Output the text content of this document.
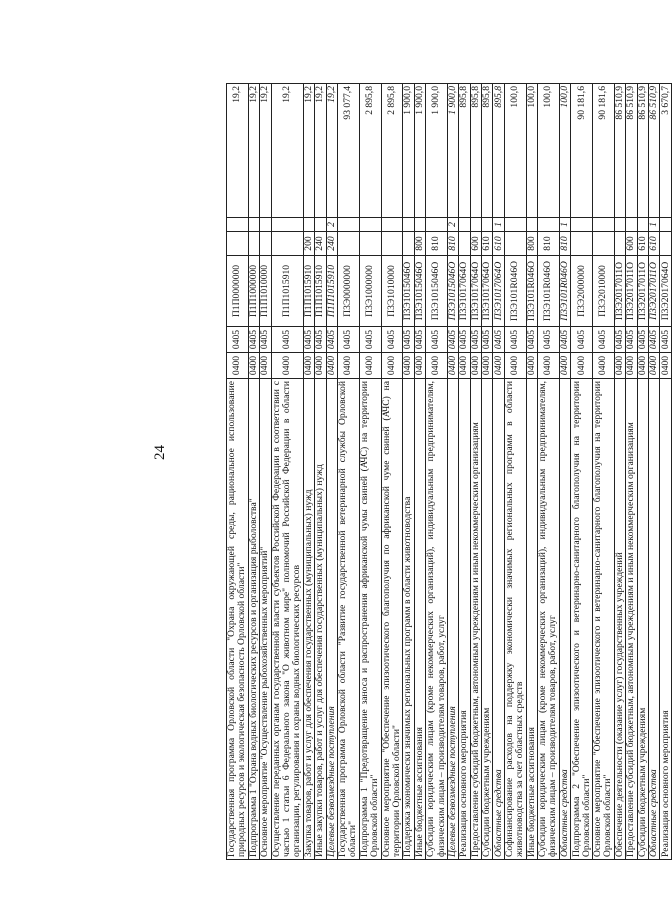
24	Государственная программа Орловской области "Охрана окружающей среды, рациональное использование природных ресурсов и экологическая безопасность Орловской области"	0400	0405	П1П0000000			19,2
Подпрограмма 1 "Охрана водных биологических ресурсов и организация рыболовства"	0400	0405	П1П1000000			19,2
Основное мероприятие "Осуществление рыбохозяйственных мероприятий"	0400	0405	П1П1010000			19,2
Осуществление переданных органам государственной власти субъектов Российской Федерации в соответствии с частью 1 статьи 6 Федерального закона "О животном мире" полномочий Российской Федерации в области организации, регулирования и охраны водных биологических ресурсов	0400	0405	П1П1015910			19,2
Закупка товаров, работ и услуг для обеспечения государственных (муниципальных) нужд	0400	0405	П1П1015910	200		19,2
Иные закупки товаров, работ и услуг для обеспечения государственных (муниципальных) нужд	0400	0405	П1П1015910	240		19,2
Целевые безвозмездные поступления	0400	0405	П1П1015910	240	2	19,2
Государственная программа Орловской области "Развитие государственной ветеринарной службы Орловской области"	0400	0405	П3Э0000000			93 077,4
Подпрограмма 1 "Предотвращение заноса и распространения африканской чумы свиней (АЧС) на территории Орловской области"	0400	0405	П3Э1000000			2 895,8
Основное мероприятие "Обеспечение эпизоотического благополучия по африканской чуме свиней (АЧС) на территории Орловской области"	0400	0405	П3Э1010000			2 895,8
Поддержка экономически значимых региональных программ в области животноводства	0400	0405	П3Э1015046О			1 900,0
Иные бюджетные ассигнования	0400	0405	П3Э1015046О	800		1 900,0
Субсидии юридическим лицам (кроме некоммерческих организаций), индивидуальным предпринимателям, физическим лицам – производителям товаров, работ, услуг	0400	0405	П3Э1015046О	810		1 900,0
Целевые безвозмездные поступления	0400	0405	П3Э1015046О	810	2	1 900,0
Реализация основного мероприятия	0400	0405	П3Э1017064О			895,8
Предоставление субсидий бюджетным, автономным учреждениям и иным некоммерческим организациям	0400	0405	П3Э1017064О	600		895,8
Субсидии бюджетным учреждениям	0400	0405	П3Э1017064О	610		895,8
Областные средства	0400	0405	П3Э1017064О	610	1	895,8
Софинансирование расходов на поддержку экономически значимых региональных программ в области животноводства за счет областных средств	0400	0405	П3Э101R046О			100,0
Иные бюджетные ассигнования	0400	0405	П3Э101R046О	800		100,0
Субсидии юридическим лицам (кроме некоммерческих организаций), индивидуальным предпринимателям, физическим лицам – производителям товаров, работ, услуг	0400	0405	П3Э101R046О	810		100,0
Областные средства	0400	0405	П3Э101R046О	810	1	100,0
Подпрограмма 2 "Обеспечение эпизоотического и ветеринарно-санитарного благополучия на территории Орловской области"	0400	0405	П3Э2000000			90 181,6
Основное мероприятие "Обеспечение эпизоотического и ветеринарно-санитарного благополучия на территории Орловской области"	0400	0405	П3Э2010000			90 181,6
Обеспечение деятельности (оказание услуг) государственных учреждений	0400	0405	П3Э2017011О			86 510,9
Предоставление субсидий бюджетным, автономным учреждениям и иным некоммерческим организациям	0400	0405	П3Э2017011О	600		86 510,9
Субсидии бюджетным учреждениям	0400	0405	П3Э2017011О	610		86 510,9
Областные средства	0400	0405	П3Э2017011О	610	1	86 510,9
Реализация основного мероприятия	0400	0405	П3Э2017064О			3 670,7
